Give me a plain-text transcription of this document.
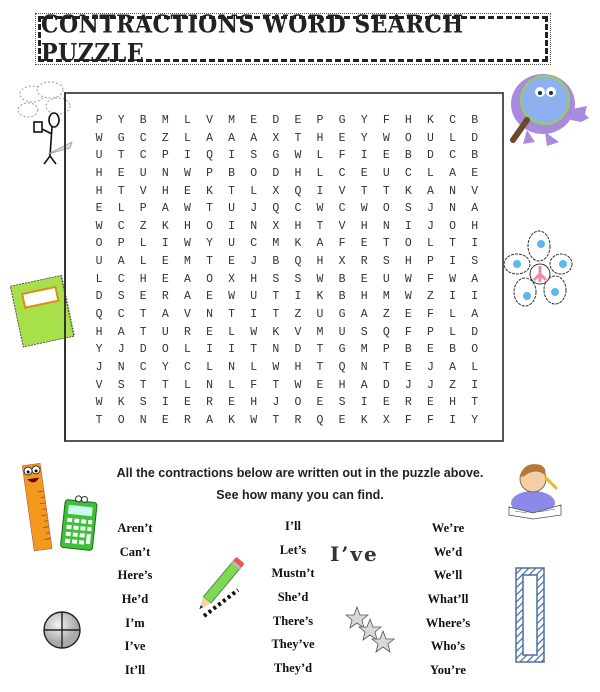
CONTRACTIONS WORD SEARCH PUZZLE
P	Y	B	M	L	V	M	E	D	E	P	G	Y	F	H	K	C	B
W	G	C	Z	L	A	A	A	X	T	H	E	Y	W	O	U	L	D
U	T	C	P	I	Q	I	S	G	W	L	F	I	E	B	D	C	B
H	E	U	N	W	P	B	O	D	H	L	C	E	U	C	L	A	E
H	T	V	H	E	K	T	L	X	Q	I	V	T	T	K	A	N	V
E	L	P	A	W	T	U	J	Q	C	W	C	W	O	S	J	N	A
W	C	Z	K	H	O	I	N	X	H	T	V	H	N	I	J	O	H
O	P	L	I	W	Y	U	C	M	K	A	F	E	T	O	L	T	I
U	A	L	E	M	T	E	J	B	Q	H	X	R	S	H	P	I	S
L	C	H	E	A	O	X	H	S	S	W	B	E	U	W	F	W	A
D	S	E	R	A	E	W	U	T	I	K	B	H	M	W	Z	I	I
Q	C	T	A	V	N	T	I	T	Z	U	G	A	Z	E	F	L	A
H	A	T	U	R	E	L	W	K	V	M	U	S	Q	F	P	L	D
Y	J	D	O	L	I	I	T	N	D	T	G	M	P	B	E	B	O
J	N	C	Y	C	L	N	L	W	H	T	Q	N	T	E	J	A	L
V	S	T	T	L	N	L	F	T	W	E	H	A	D	J	J	Z	I
W	K	S	I	E	R	E	H	J	O	E	S	I	E	R	E	H	T
T	O	N	E	R	A	K	W	T	R	Q	E	K	X	F	F	I	Y
All the contractions below are written out in the puzzle above.
See how many you can find.
Aren’t
Can’t
Here’s
He’d
I’m
I’ve
It’ll
I’ll
Let’s
Mustn’t
She’d
There’s
They’ve
They’d
I’ve
We’re
We’d
We’ll
What’ll
Where’s
Who’s
You’re
